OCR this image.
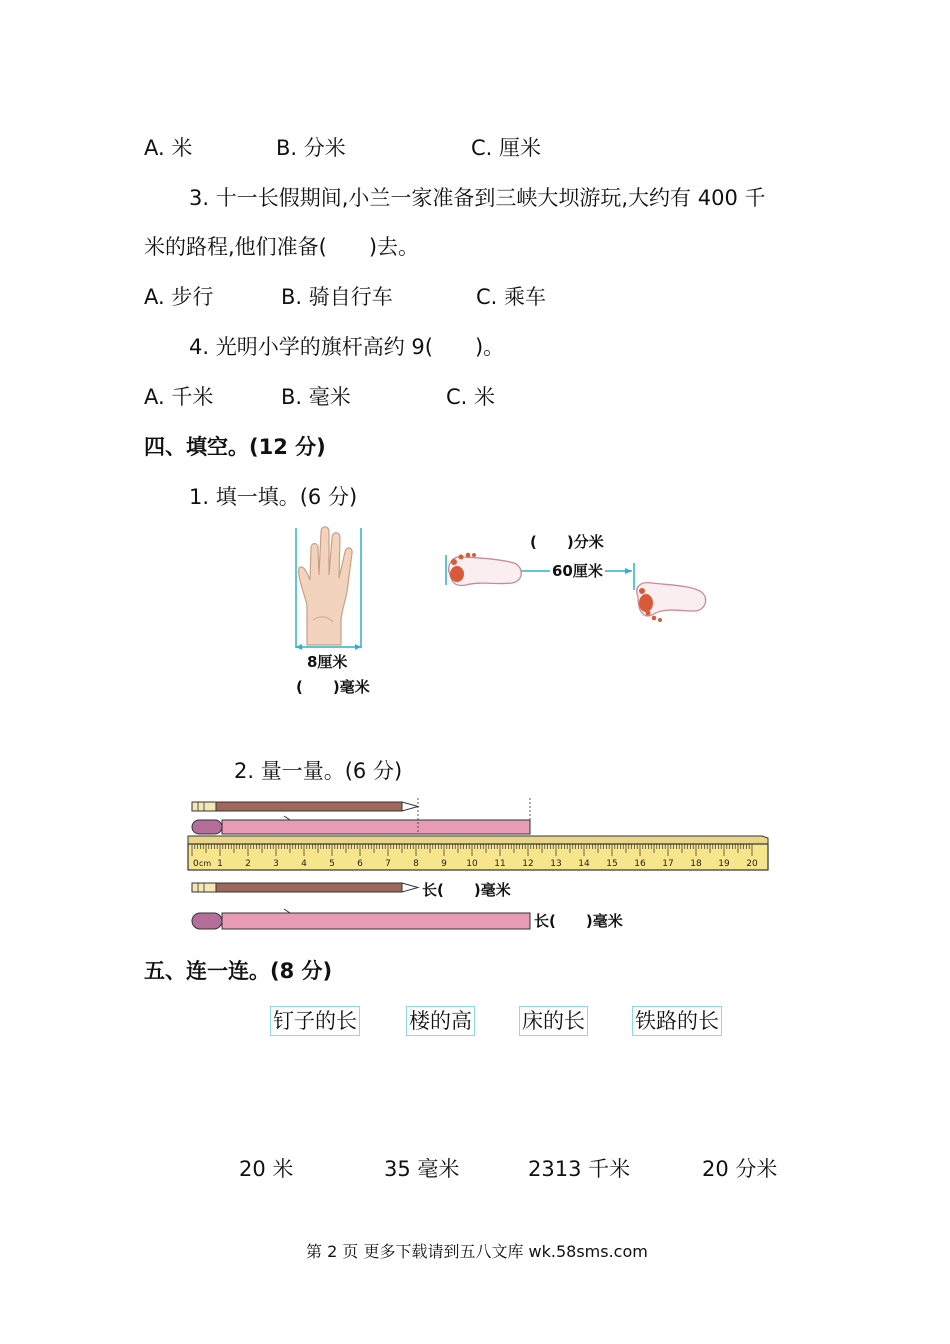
A. 米	B. 分米	C. 厘米
3. 十一长假期间,小兰一家准备到三峡大坝游玩,大约有 400 千
米的路程,他们准备(　　)去。
A. 步行	B. 骑自行车	C. 乘车
4. 光明小学的旗杆高约 9(　　)。
A. 千米	B. 毫米	C. 米
四、填空。(12 分)
1. 填一填。(6 分)
8厘米
(　　)毫米
(　　)分米
60厘米
2. 量一量。(6 分)
0 1 2 3 4 5 6 7 8 9 10 11 12 13 14 15 16 17 18 19 20
cm
长(　　)毫米
长(　　)毫米
五、连一连。(8 分)
钉子的长 楼的高 床的长 铁路的长
20 米	35 毫米	2313 千米	20 分米
第 2 页 更多下载请到五八文库 wk.58sms.com
